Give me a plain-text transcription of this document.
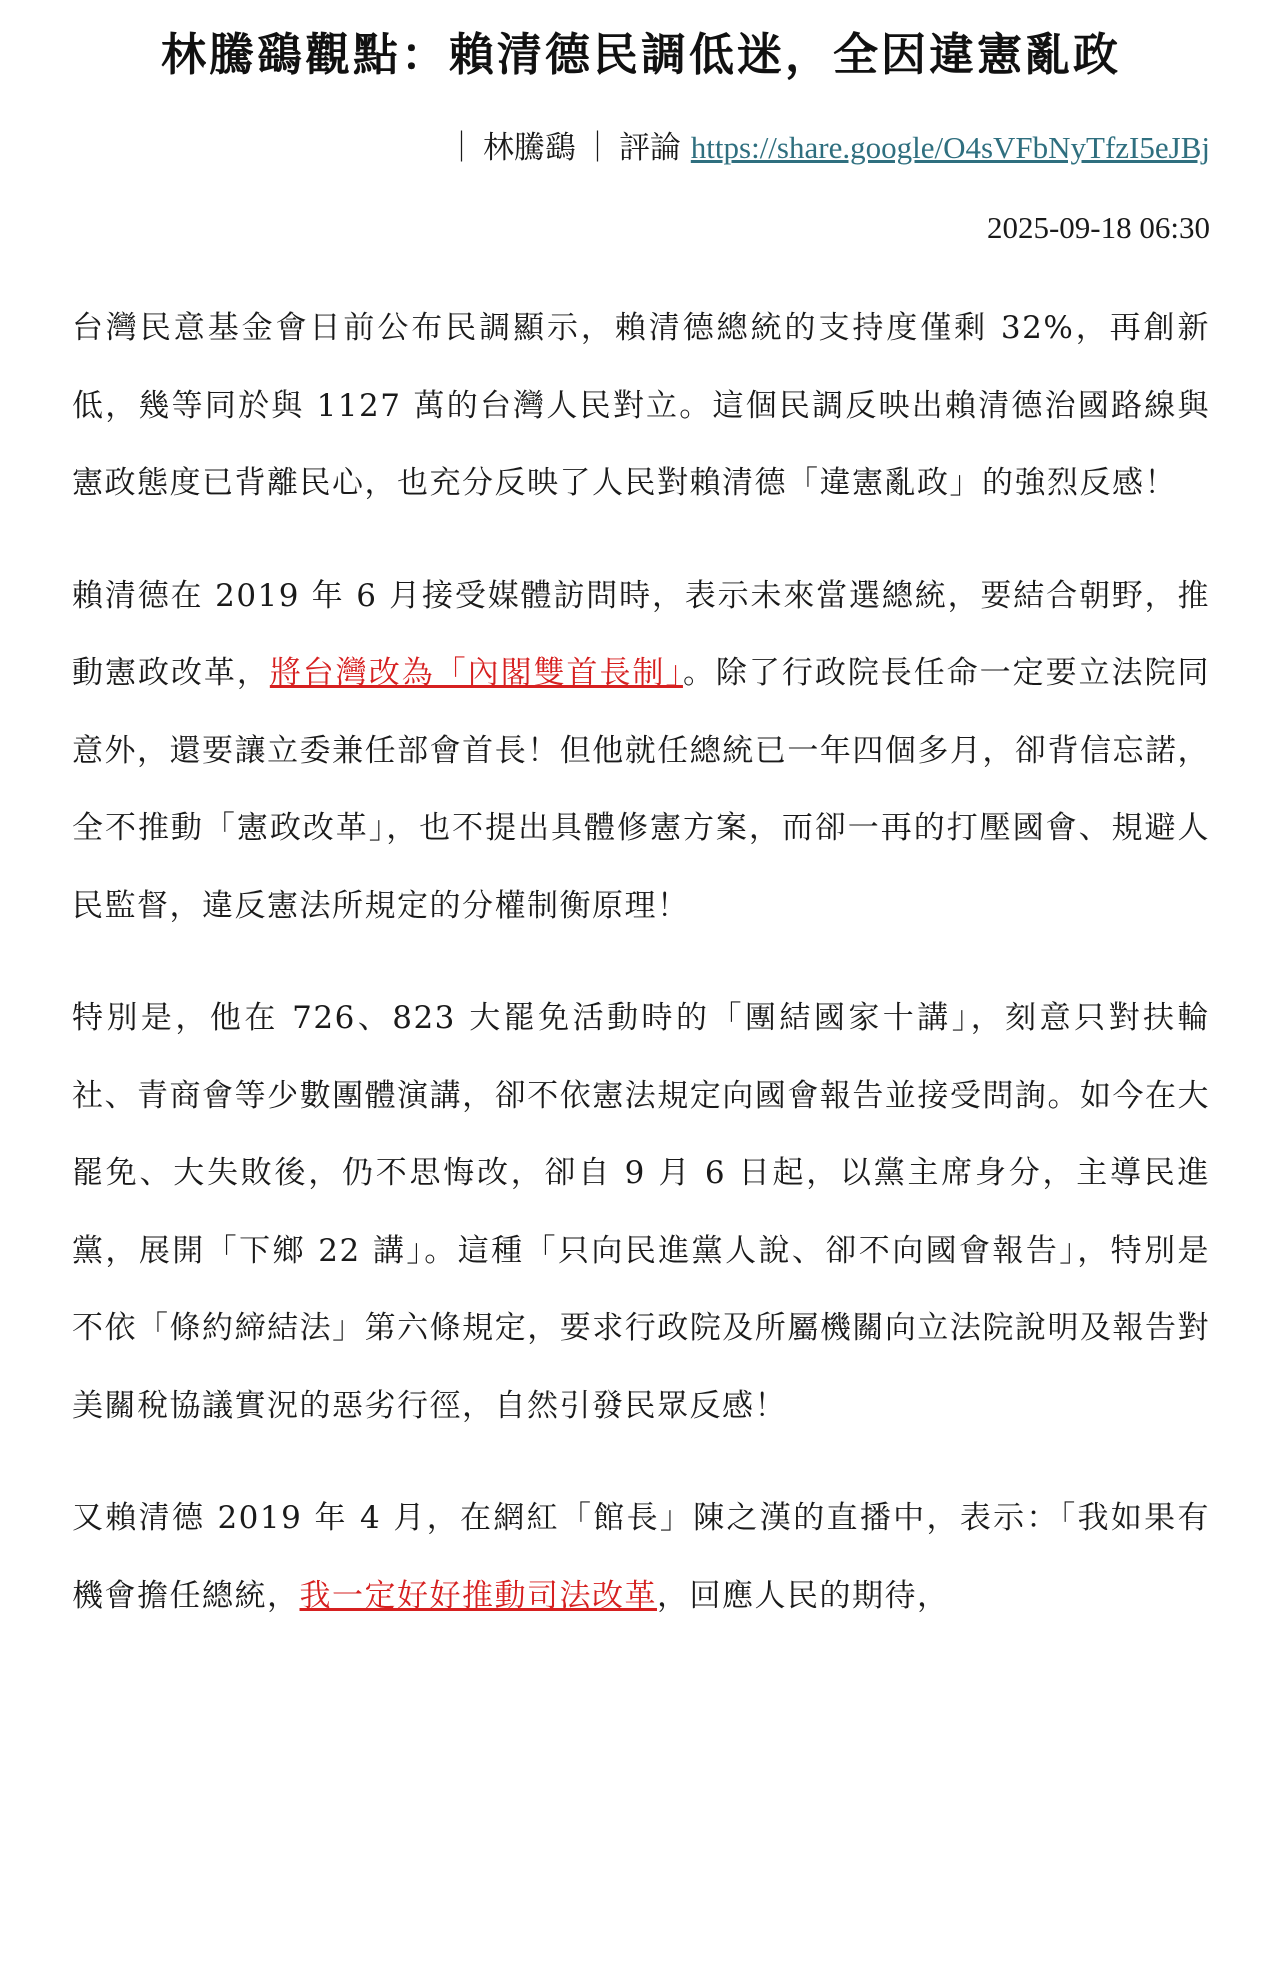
林騰鷂觀點：賴清德民調低迷，全因違憲亂政
｜ 林騰鷂 ｜ 評論 https://share.google/O4sVFbNyTfzI5eJBj
2025-09-18 06:30

台灣民意基金會日前公布民調顯示，賴清德總統的支持度僅剩 32%，再創新低，幾等同於與 1127 萬的台灣人民對立。這個民調反映出賴清德治國路線與憲政態度已背離民心，也充分反映了人民對賴清德「違憲亂政」的強烈反感！

賴清德在 2019 年 6 月接受媒體訪問時，表示未來當選總統，要結合朝野，推動憲政改革，將台灣改為「內閣雙首長制」。除了行政院長任命一定要立法院同意外，還要讓立委兼任部會首長！但他就任總統已一年四個多月，卻背信忘諾，全不推動「憲政改革」，也不提出具體修憲方案，而卻一再的打壓國會、規避人民監督，違反憲法所規定的分權制衡原理！

特別是，他在 726、823 大罷免活動時的「團結國家十講」，刻意只對扶輪社、青商會等少數團體演講，卻不依憲法規定向國會報告並接受問詢。如今在大罷免、大失敗後，仍不思悔改，卻自 9 月 6 日起，以黨主席身分，主導民進黨，展開「下鄉 22 講」。這種「只向民進黨人說、卻不向國會報告」，特別是不依「條約締結法」第六條規定，要求行政院及所屬機關向立法院說明及報告對美關稅協議實況的惡劣行徑，自然引發民眾反感！

又賴清德 2019 年 4 月，在網紅「館長」陳之漢的直播中，表示：「我如果有機會擔任總統，我一定好好推動司法改革，回應人民的期待，
